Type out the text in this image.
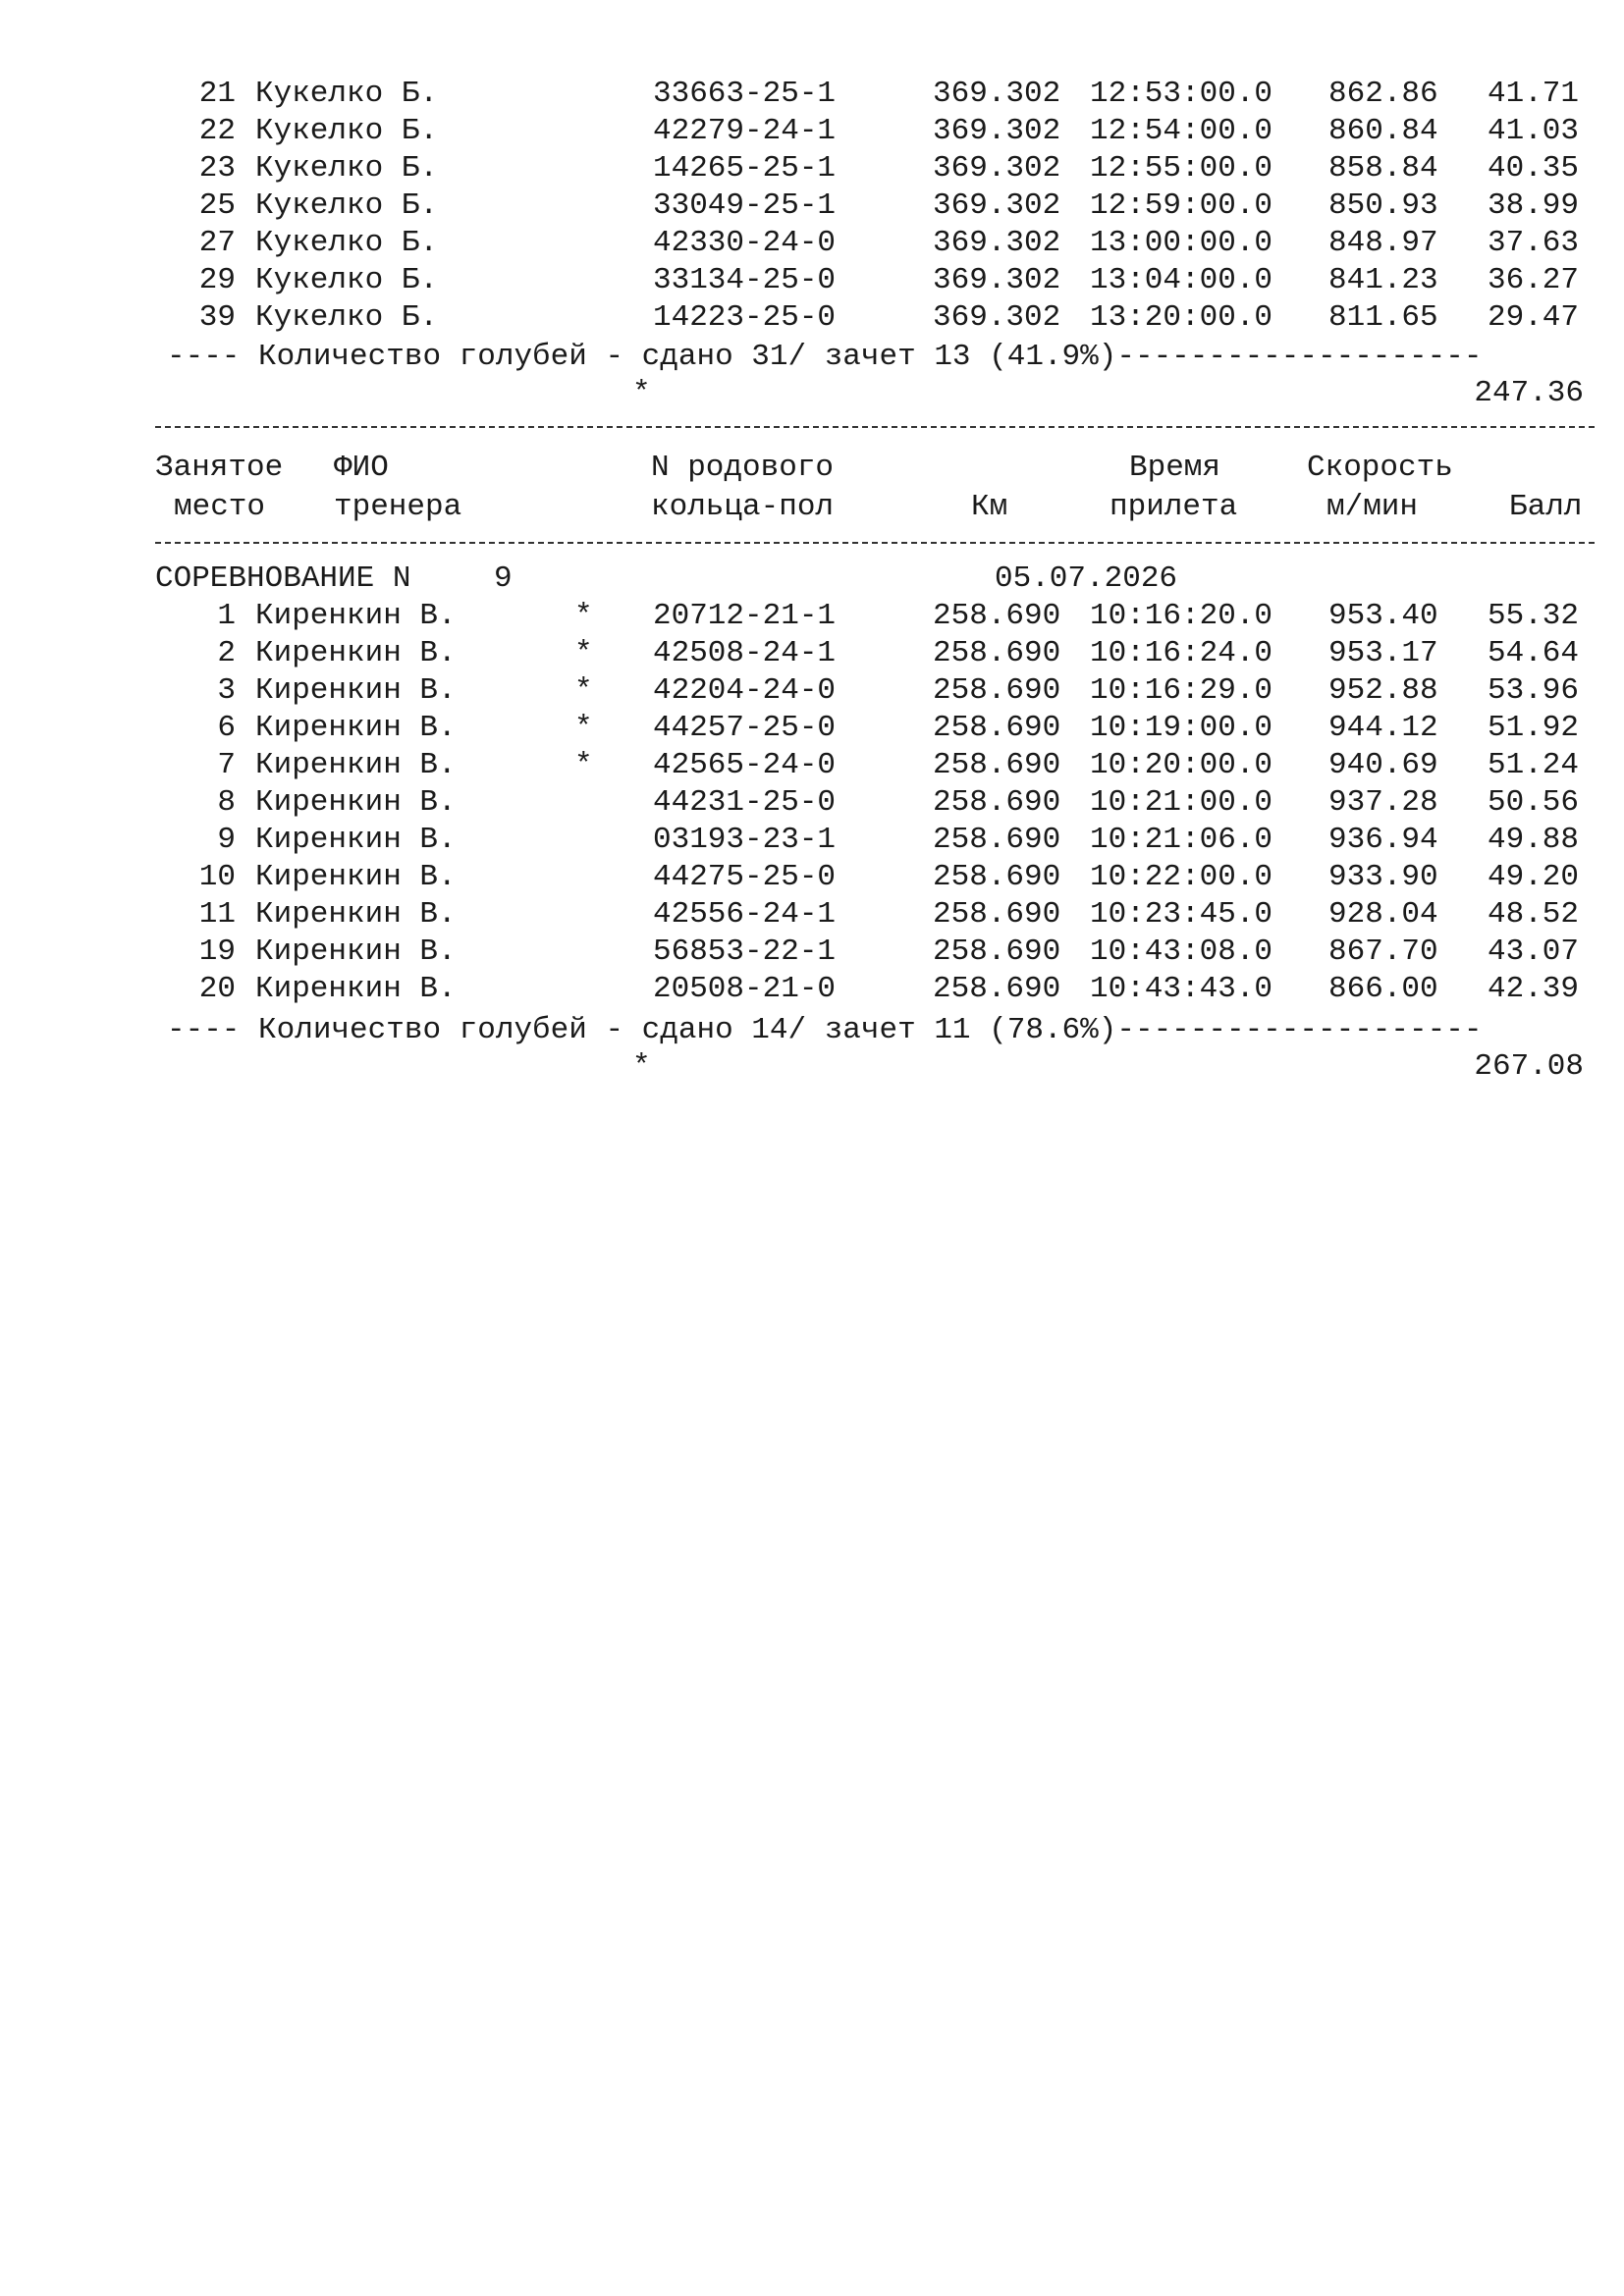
21 Кукелко Б.	33663-25-1	369.302 12:53:00.0 862.86 41.71
22 Кукелко Б.	42279-24-1	369.302 12:54:00.0 860.84 41.03
23 Кукелко Б.	14265-25-1	369.302 12:55:00.0 858.84 40.35
25 Кукелко Б.	33049-25-1	369.302 12:59:00.0 850.93 38.99
27 Кукелко Б.	42330-24-0	369.302 13:00:00.0 848.97 37.63
29 Кукелко Б.	33134-25-0	369.302 13:04:00.0 841.23 36.27
39 Кукелко Б.	14223-25-0	369.302 13:20:00.0 811.65 29.47
---- Количество голубей - сдано 31/ зачет 13 (41.9%)--------------------
*	247.36
Занятое ФИО	N родового	Время	Скорость
место тренера	кольца-пол	Км	прилета	м/мин	Балл
СОРЕВНОВАНИЕ N	9	05.07.2026
1 Киренкин В.	* 20712-21-1	258.690 10:16:20.0 953.40 55.32
2 Киренкин В.	* 42508-24-1	258.690 10:16:24.0 953.17 54.64
3 Киренкин В.	* 42204-24-0	258.690 10:16:29.0 952.88 53.96
6 Киренкин В.	* 44257-25-0	258.690 10:19:00.0 944.12 51.92
7 Киренкин В.	* 42565-24-0	258.690 10:20:00.0 940.69 51.24
8 Киренкин В.	44231-25-0	258.690 10:21:00.0 937.28 50.56
9 Киренкин В.	03193-23-1	258.690 10:21:06.0 936.94 49.88
10 Киренкин В.	44275-25-0	258.690 10:22:00.0 933.90 49.20
11 Киренкин В.	42556-24-1	258.690 10:23:45.0 928.04 48.52
19 Киренкин В.	56853-22-1	258.690 10:43:08.0 867.70 43.07
20 Киренкин В.	20508-21-0	258.690 10:43:43.0 866.00 42.39
---- Количество голубей - сдано 14/ зачет 11 (78.6%)--------------------
*	267.08
